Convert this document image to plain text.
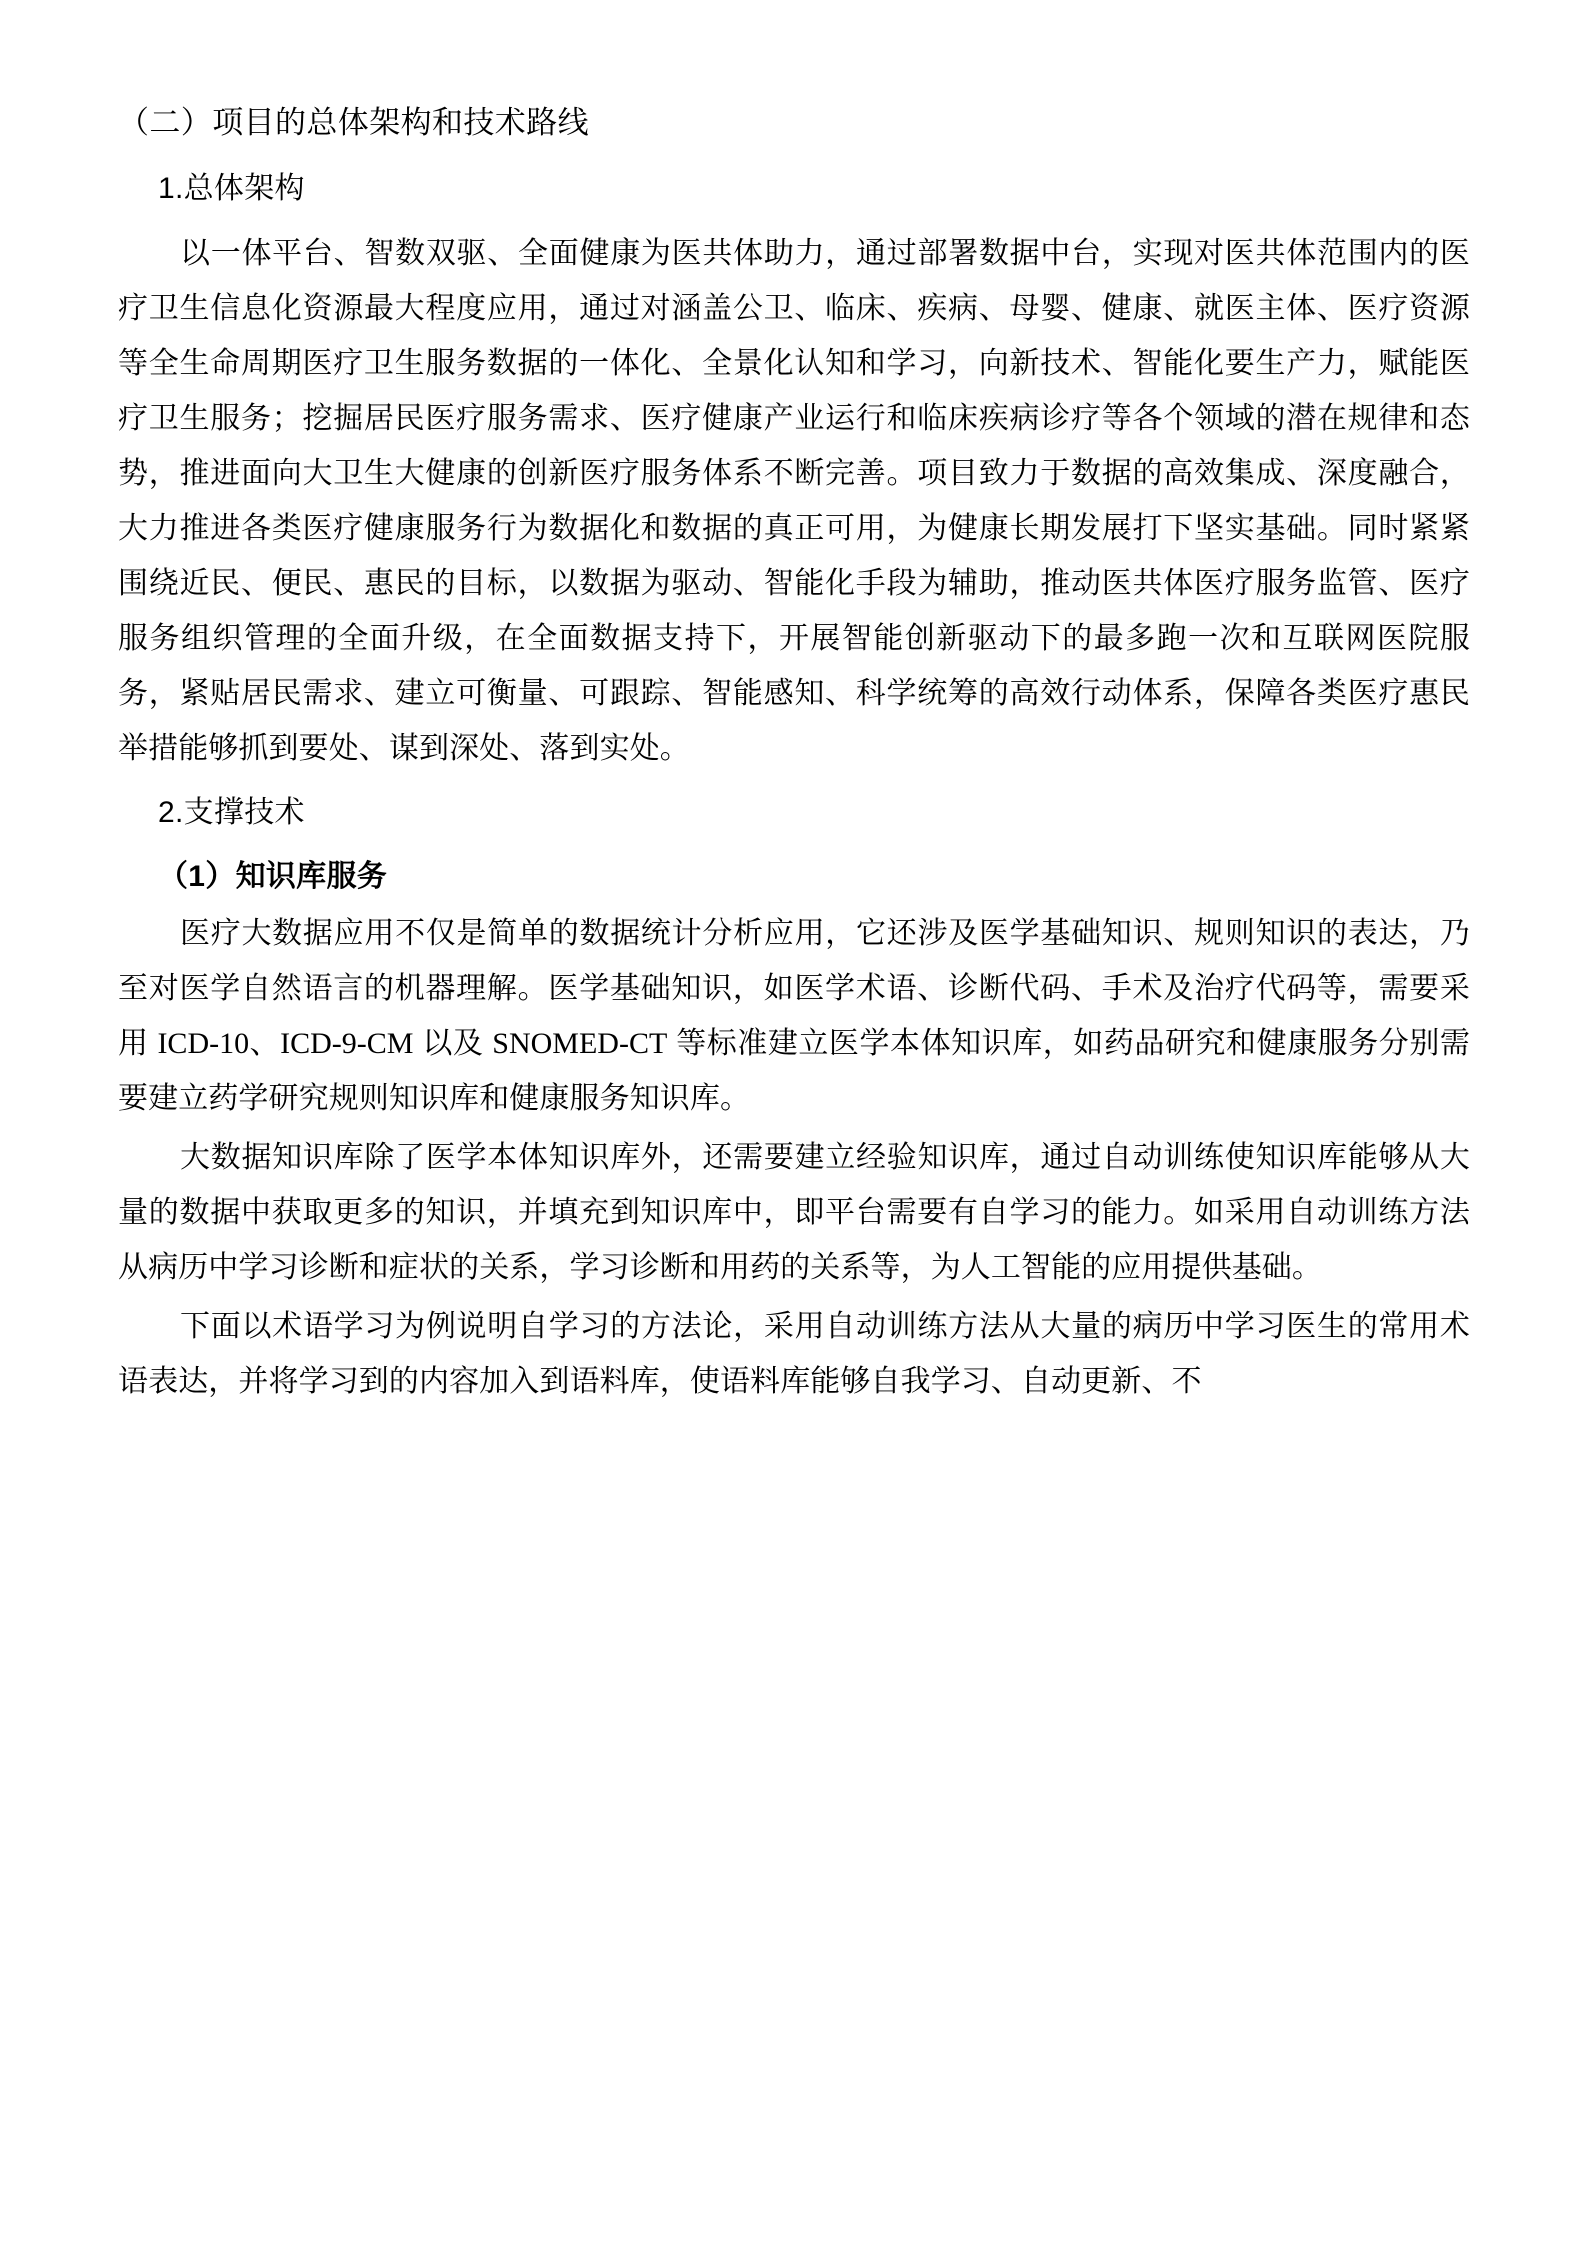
（二）项目的总体架构和技术路线
1.总体架构

以一体平台、智数双驱、全面健康为医共体助力，通过部署数据中台，实现对医共体范围内的医疗卫生信息化资源最大程度应用，通过对涵盖公卫、临床、疾病、母婴、健康、就医主体、医疗资源等全生命周期医疗卫生服务数据的一体化、全景化认知和学习，向新技术、智能化要生产力，赋能医疗卫生服务；挖掘居民医疗服务需求、医疗健康产业运行和临床疾病诊疗等各个领域的潜在规律和态势，推进面向大卫生大健康的创新医疗服务体系不断完善。项目致力于数据的高效集成、深度融合，大力推进各类医疗健康服务行为数据化和数据的真正可用，为健康长期发展打下坚实基础。同时紧紧围绕近民、便民、惠民的目标，以数据为驱动、智能化手段为辅助，推动医共体医疗服务监管、医疗服务组织管理的全面升级，在全面数据支持下，开展智能创新驱动下的最多跑一次和互联网医院服务，紧贴居民需求、建立可衡量、可跟踪、智能感知、科学统筹的高效行动体系，保障各类医疗惠民举措能够抓到要处、谋到深处、落到实处。

2.支撑技术
（1）知识库服务

医疗大数据应用不仅是简单的数据统计分析应用，它还涉及医学基础知识、规则知识的表达，乃至对医学自然语言的机器理解。医学基础知识，如医学术语、诊断代码、手术及治疗代码等，需要采用 ICD-10、ICD-9-CM 以及 SNOMED-CT 等标准建立医学本体知识库，如药品研究和健康服务分别需要建立药学研究规则知识库和健康服务知识库。

大数据知识库除了医学本体知识库外，还需要建立经验知识库，通过自动训练使知识库能够从大量的数据中获取更多的知识，并填充到知识库中，即平台需要有自学习的能力。如采用自动训练方法从病历中学习诊断和症状的关系，学习诊断和用药的关系等，为人工智能的应用提供基础。

下面以术语学习为例说明自学习的方法论，采用自动训练方法从大量的病历中学习医生的常用术语表达，并将学习到的内容加入到语料库，使语料库能够自我学习、自动更新、不
